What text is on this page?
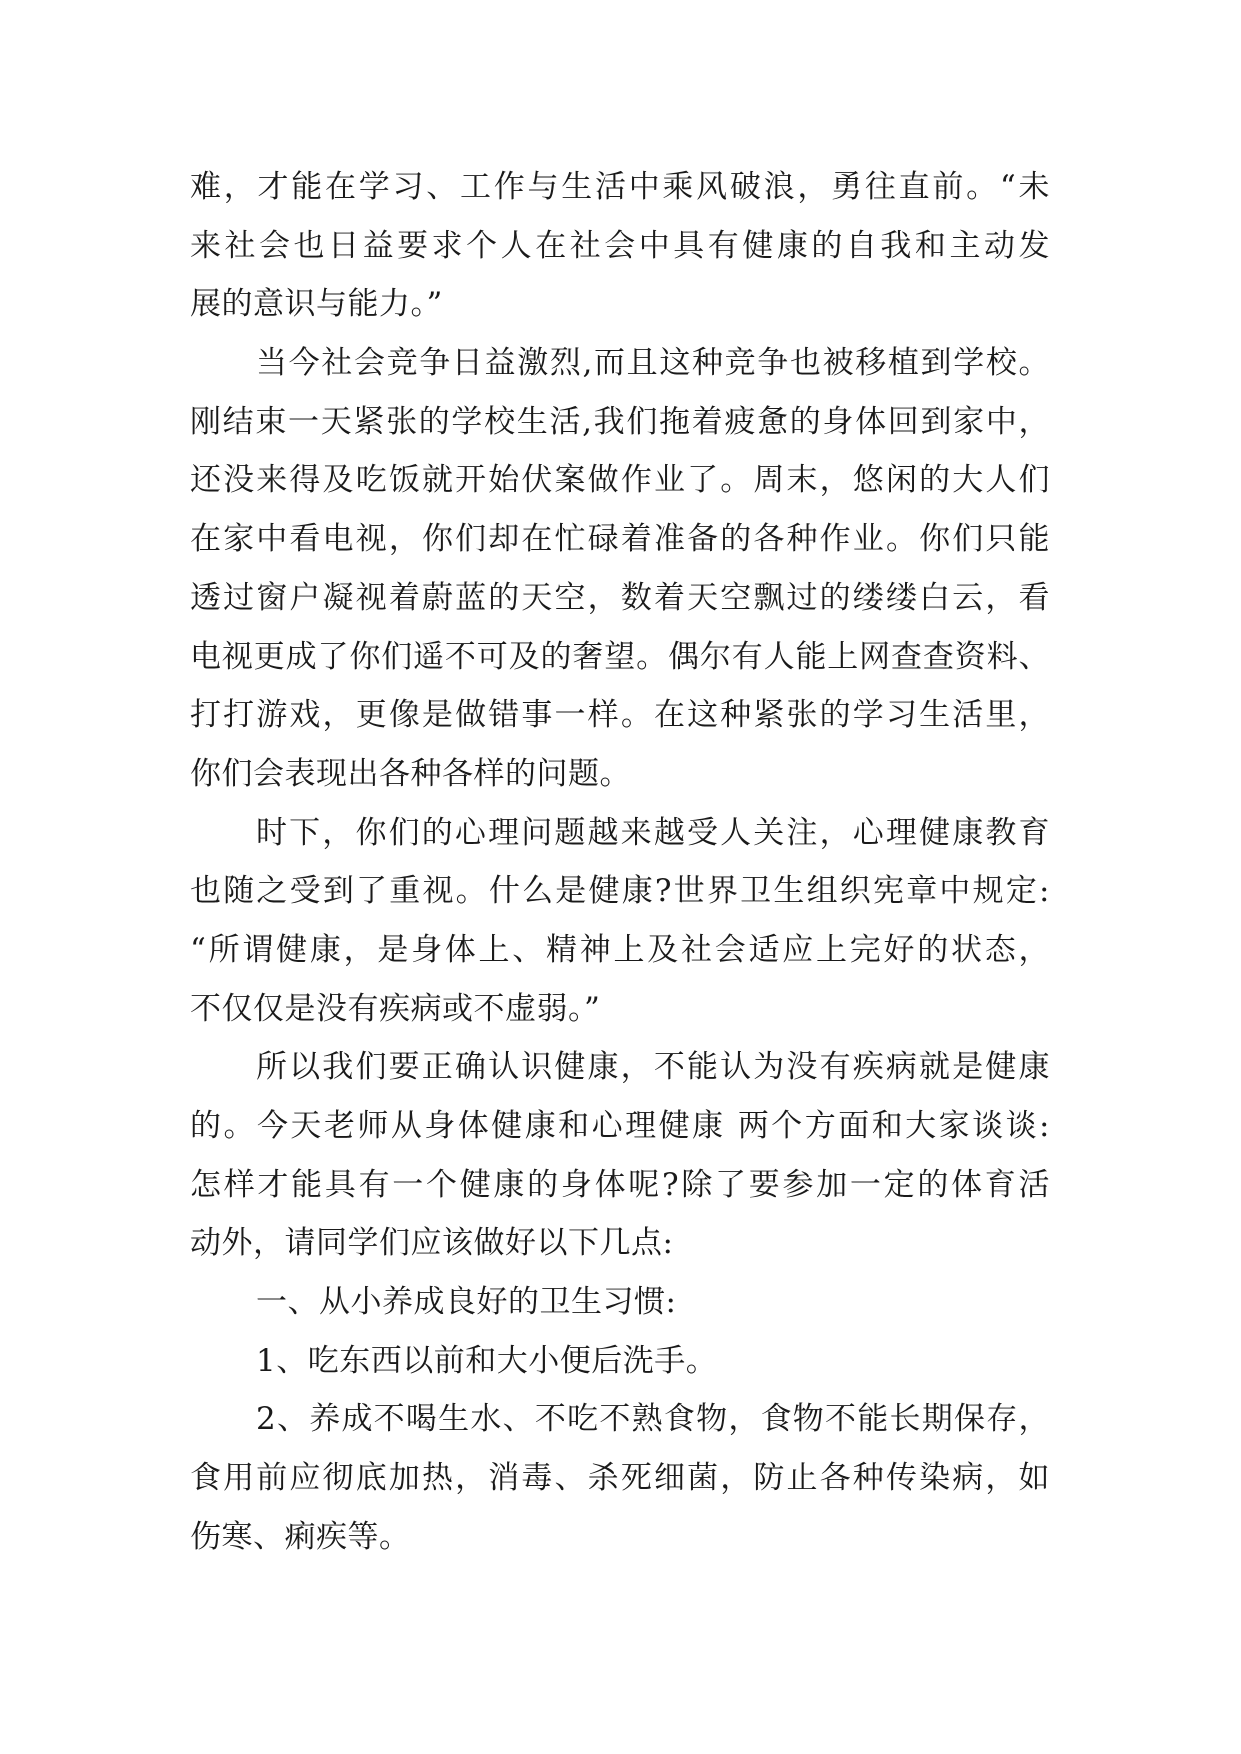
难，才能在学习、工作与生活中乘风破浪，勇往直前。“未
来社会也日益要求个人在社会中具有健康的自我和主动发
展的意识与能力。”
当今社会竞争日益激烈,而且这种竞争也被移植到学校。
刚结束一天紧张的学校生活,我们拖着疲惫的身体回到家中，
还没来得及吃饭就开始伏案做作业了。周末，悠闲的大人们
在家中看电视，你们却在忙碌着准备的各种作业。你们只能
透过窗户凝视着蔚蓝的天空，数着天空飘过的缕缕白云，看
电视更成了你们遥不可及的奢望。偶尔有人能上网查查资料、
打打游戏，更像是做错事一样。在这种紧张的学习生活里，
你们会表现出各种各样的问题。
时下，你们的心理问题越来越受人关注，心理健康教育
也随之受到了重视。什么是健康?世界卫生组织宪章中规定:
“所谓健康，是身体上、精神上及社会适应上完好的状态，
不仅仅是没有疾病或不虚弱。”
所以我们要正确认识健康，不能认为没有疾病就是健康
的。今天老师从身体健康和心理健康 两个方面和大家谈谈:
怎样才能具有一个健康的身体呢?除了要参加一定的体育活
动外，请同学们应该做好以下几点:
一、从小养成良好的卫生习惯:
1、吃东西以前和大小便后洗手。
2、养成不喝生水、不吃不熟食物，食物不能长期保存，
食用前应彻底加热，消毒、杀死细菌，防止各种传染病，如
伤寒、痢疾等。
